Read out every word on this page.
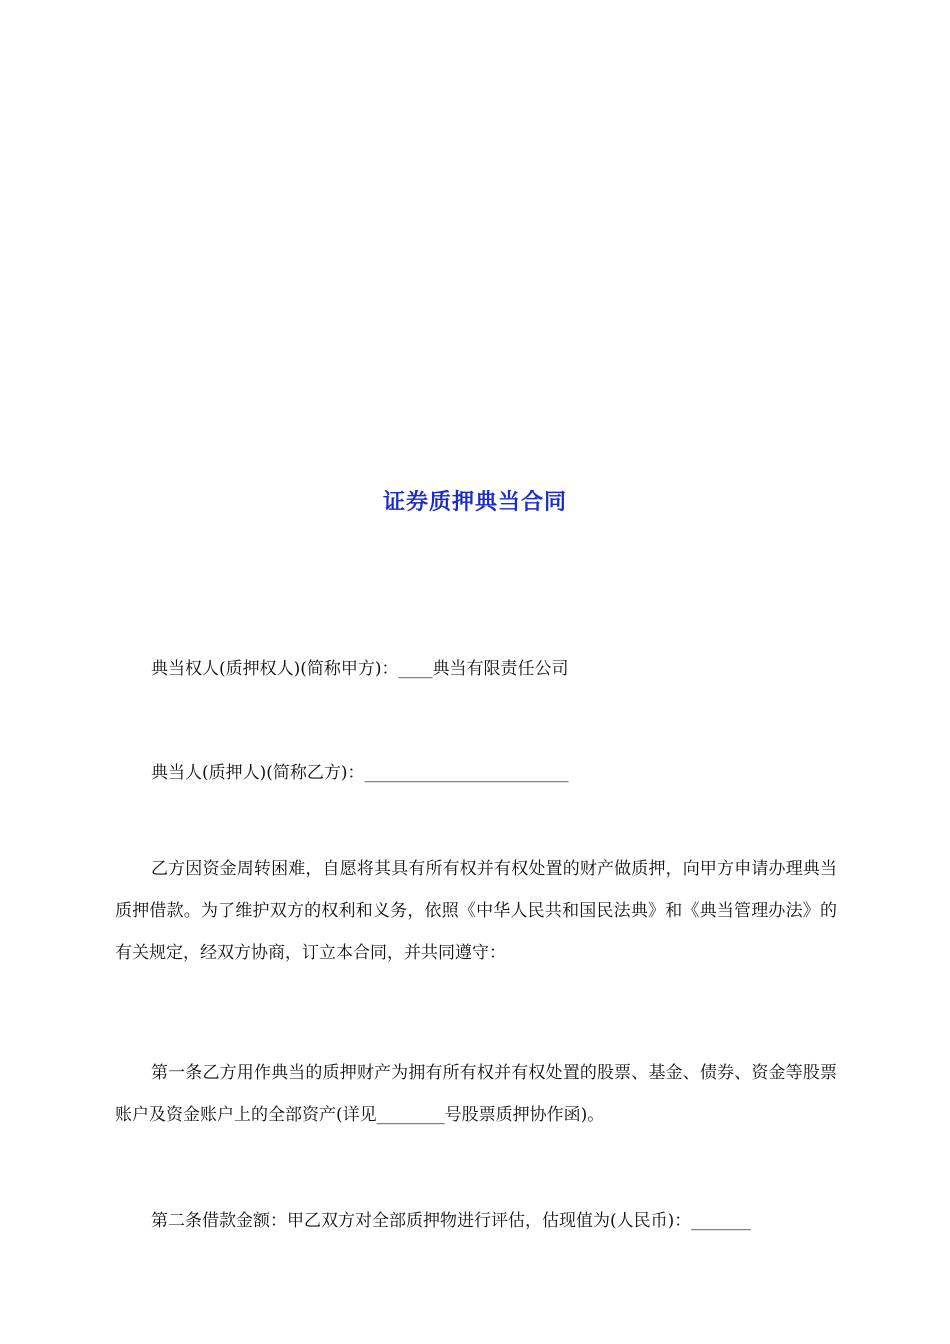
证券质押典当合同

典当权人(质押权人)(简称甲方)：____典当有限责任公司

典当人(质押人)(简称乙方)：________________________

乙方因资金周转困难，自愿将其具有所有权并有权处置的财产做质押，向甲方申请办理典当质押借款。为了维护双方的权利和义务，依照《中华人民共和国民法典》和《典当管理办法》的有关规定，经双方协商，订立本合同，并共同遵守：

第一条乙方用作典当的质押财产为拥有所有权并有权处置的股票、基金、债券、资金等股票账户及资金账户上的全部资产(详见________号股票质押协作函)。

第二条借款金额：甲乙双方对全部质押物进行评估，估现值为(人民币)：_______
